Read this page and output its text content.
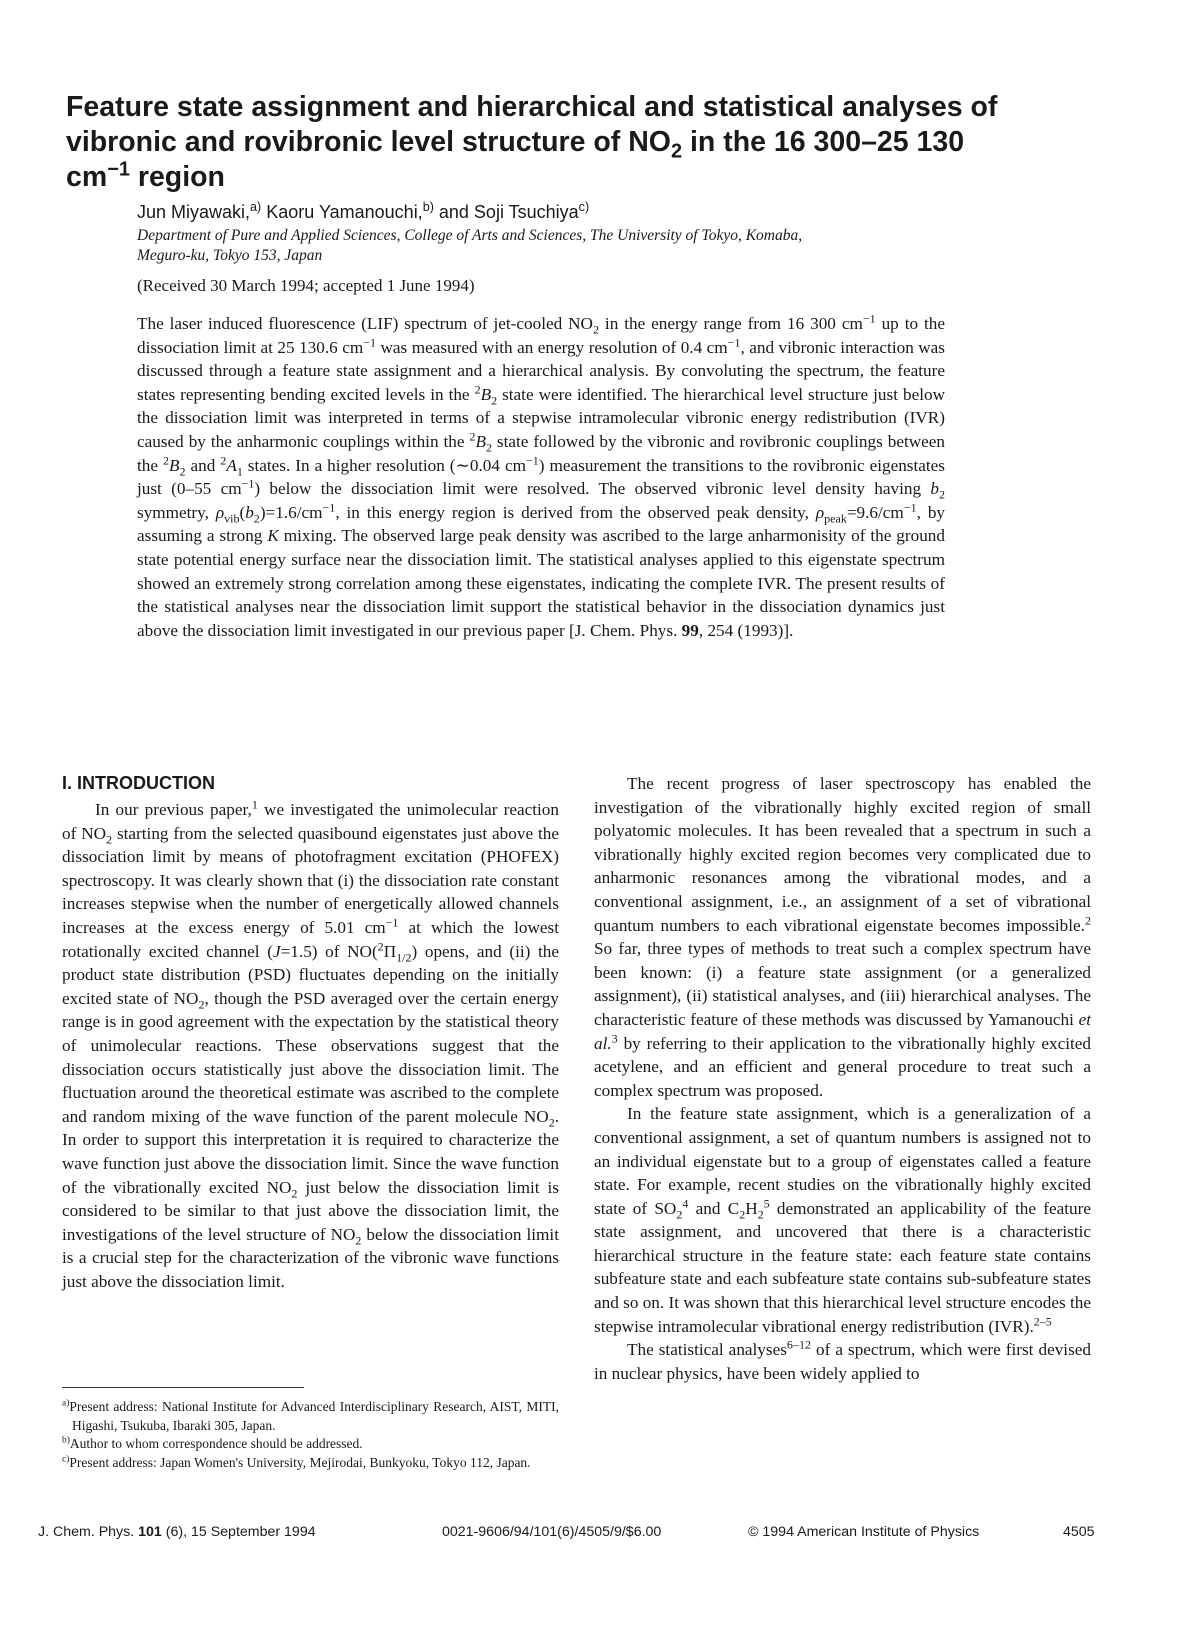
Feature state assignment and hierarchical and statistical analyses of
vibronic and rovibronic level structure of $NO_2$ in the 16 300–25 130
$cm^{-1}$ region

Jun Miyawaki,$^{a)}$ Kaoru Yamanouchi,$^{b)}$ and Soji Tsuchiya$^{c)}$

Department of Pure and Applied Sciences, College of Arts and Sciences, The University of Tokyo, Komaba,
Meguro-ku, Tokyo 153, Japan

(Received 30 March 1994; accepted 1 June 1994)

The laser induced fluorescence (LIF) spectrum of jet-cooled $NO_2$ in the energy range from 16 300 $cm^{-1}$ up to the dissociation limit at 25 130.6 $cm^{-1}$ was measured with an energy resolution of 0.4 $cm^{-1}$, and vibronic interaction was discussed through a feature state assignment and a hierarchical analysis. By convoluting the spectrum, the feature states representing bending excited levels in the $^2B_2$ state were identified. The hierarchical level structure just below the dissociation limit was interpreted in terms of a stepwise intramolecular vibronic energy redistribution (IVR) caused by the anharmonic couplings within the $^2B_2$ state followed by the vibronic and rovibronic couplings between the $^2B_2$ and $^2A_1$ states. In a higher resolution (∼0.04 $cm^{-1}$) measurement the transitions to the rovibronic eigenstates just (0–55 $cm^{-1}$) below the dissociation limit were resolved. The observed vibronic level density having $b_2$ symmetry, $\rho_{vib}(b_2)=1.6/cm^{-1}$, in this energy region is derived from the observed peak density, $\rho_{peak}=9.6/cm^{-1}$, by assuming a strong K mixing. The observed large peak density was ascribed to the large anharmonisity of the ground state potential energy surface near the dissociation limit. The statistical analyses applied to this eigenstate spectrum showed an extremely strong correlation among these eigenstates, indicating the complete IVR. The present results of the statistical analyses near the dissociation limit support the statistical behavior in the dissociation dynamics just above the dissociation limit investigated in our previous paper [J. Chem. Phys. 99, 254 (1993)].

I. INTRODUCTION

In our previous paper,$^1$ we investigated the unimolecular reaction of $NO_2$ starting from the selected quasibound eigenstates just above the dissociation limit by means of photofragment excitation (PHOFEX) spectroscopy. It was clearly shown that (i) the dissociation rate constant increases stepwise when the number of energetically allowed channels increases at the excess energy of 5.01 $cm^{-1}$ at which the lowest rotationally excited channel (J=1.5) of $NO(^2\Pi_{1/2})$ opens, and (ii) the product state distribution (PSD) fluctuates depending on the initially excited state of $NO_2$, though the PSD averaged over the certain energy range is in good agreement with the expectation by the statistical theory of unimolecular reactions. These observations suggest that the dissociation occurs statistically just above the dissociation limit. The fluctuation around the theoretical estimate was ascribed to the complete and random mixing of the wave function of the parent molecule $NO_2$. In order to support this interpretation it is required to characterize the wave function just above the dissociation limit. Since the wave function of the vibrationally excited $NO_2$ just below the dissociation limit is considered to be similar to that just above the dissociation limit, the investigations of the level structure of $NO_2$ below the dissociation limit is a crucial step for the characterization of the vibronic wave functions just above the dissociation limit.

The recent progress of laser spectroscopy has enabled the investigation of the vibrationally highly excited region of small polyatomic molecules. It has been revealed that a spectrum in such a vibrationally highly excited region becomes very complicated due to anharmonic resonances among the vibrational modes, and a conventional assignment, i.e., an assignment of a set of vibrational quantum numbers to each vibrational eigenstate becomes impossible.$^2$ So far, three types of methods to treat such a complex spectrum have been known: (i) a feature state assignment (or a generalized assignment), (ii) statistical analyses, and (iii) hierarchical analyses. The characteristic feature of these methods was discussed by Yamanouchi et al.$^3$ by referring to their application to the vibrationally highly excited acetylene, and an efficient and general procedure to treat such a complex spectrum was proposed.

In the feature state assignment, which is a generalization of a conventional assignment, a set of quantum numbers is assigned not to an individual eigenstate but to a group of eigenstates called a feature state. For example, recent studies on the vibrationally highly excited state of $SO_2^4$ and $C_2H_2^5$ demonstrated an applicability of the feature state assignment, and uncovered that there is a characteristic hierarchical structure in the feature state: each feature state contains subfeature state and each subfeature state contains sub-subfeature states and so on. It was shown that this hierarchical level structure encodes the stepwise intramolecular vibrational energy redistribution (IVR).$^{2-5}$

The statistical analyses$^{6-12}$ of a spectrum, which were first devised in nuclear physics, have been widely applied to

$^{a)}$Present address: National Institute for Advanced Interdisciplinary Research, AIST, MITI, Higashi, Tsukuba, Ibaraki 305, Japan.
$^{b)}$Author to whom correspondence should be addressed.
$^{c)}$Present address: Japan Women's University, Mejirodai, Bunkyoku, Tokyo 112, Japan.
J. Chem. Phys. 101 (6), 15 September 1994	0021-9606/94/101(6)/4505/9/$6.00	© 1994 American Institute of Physics	4505
